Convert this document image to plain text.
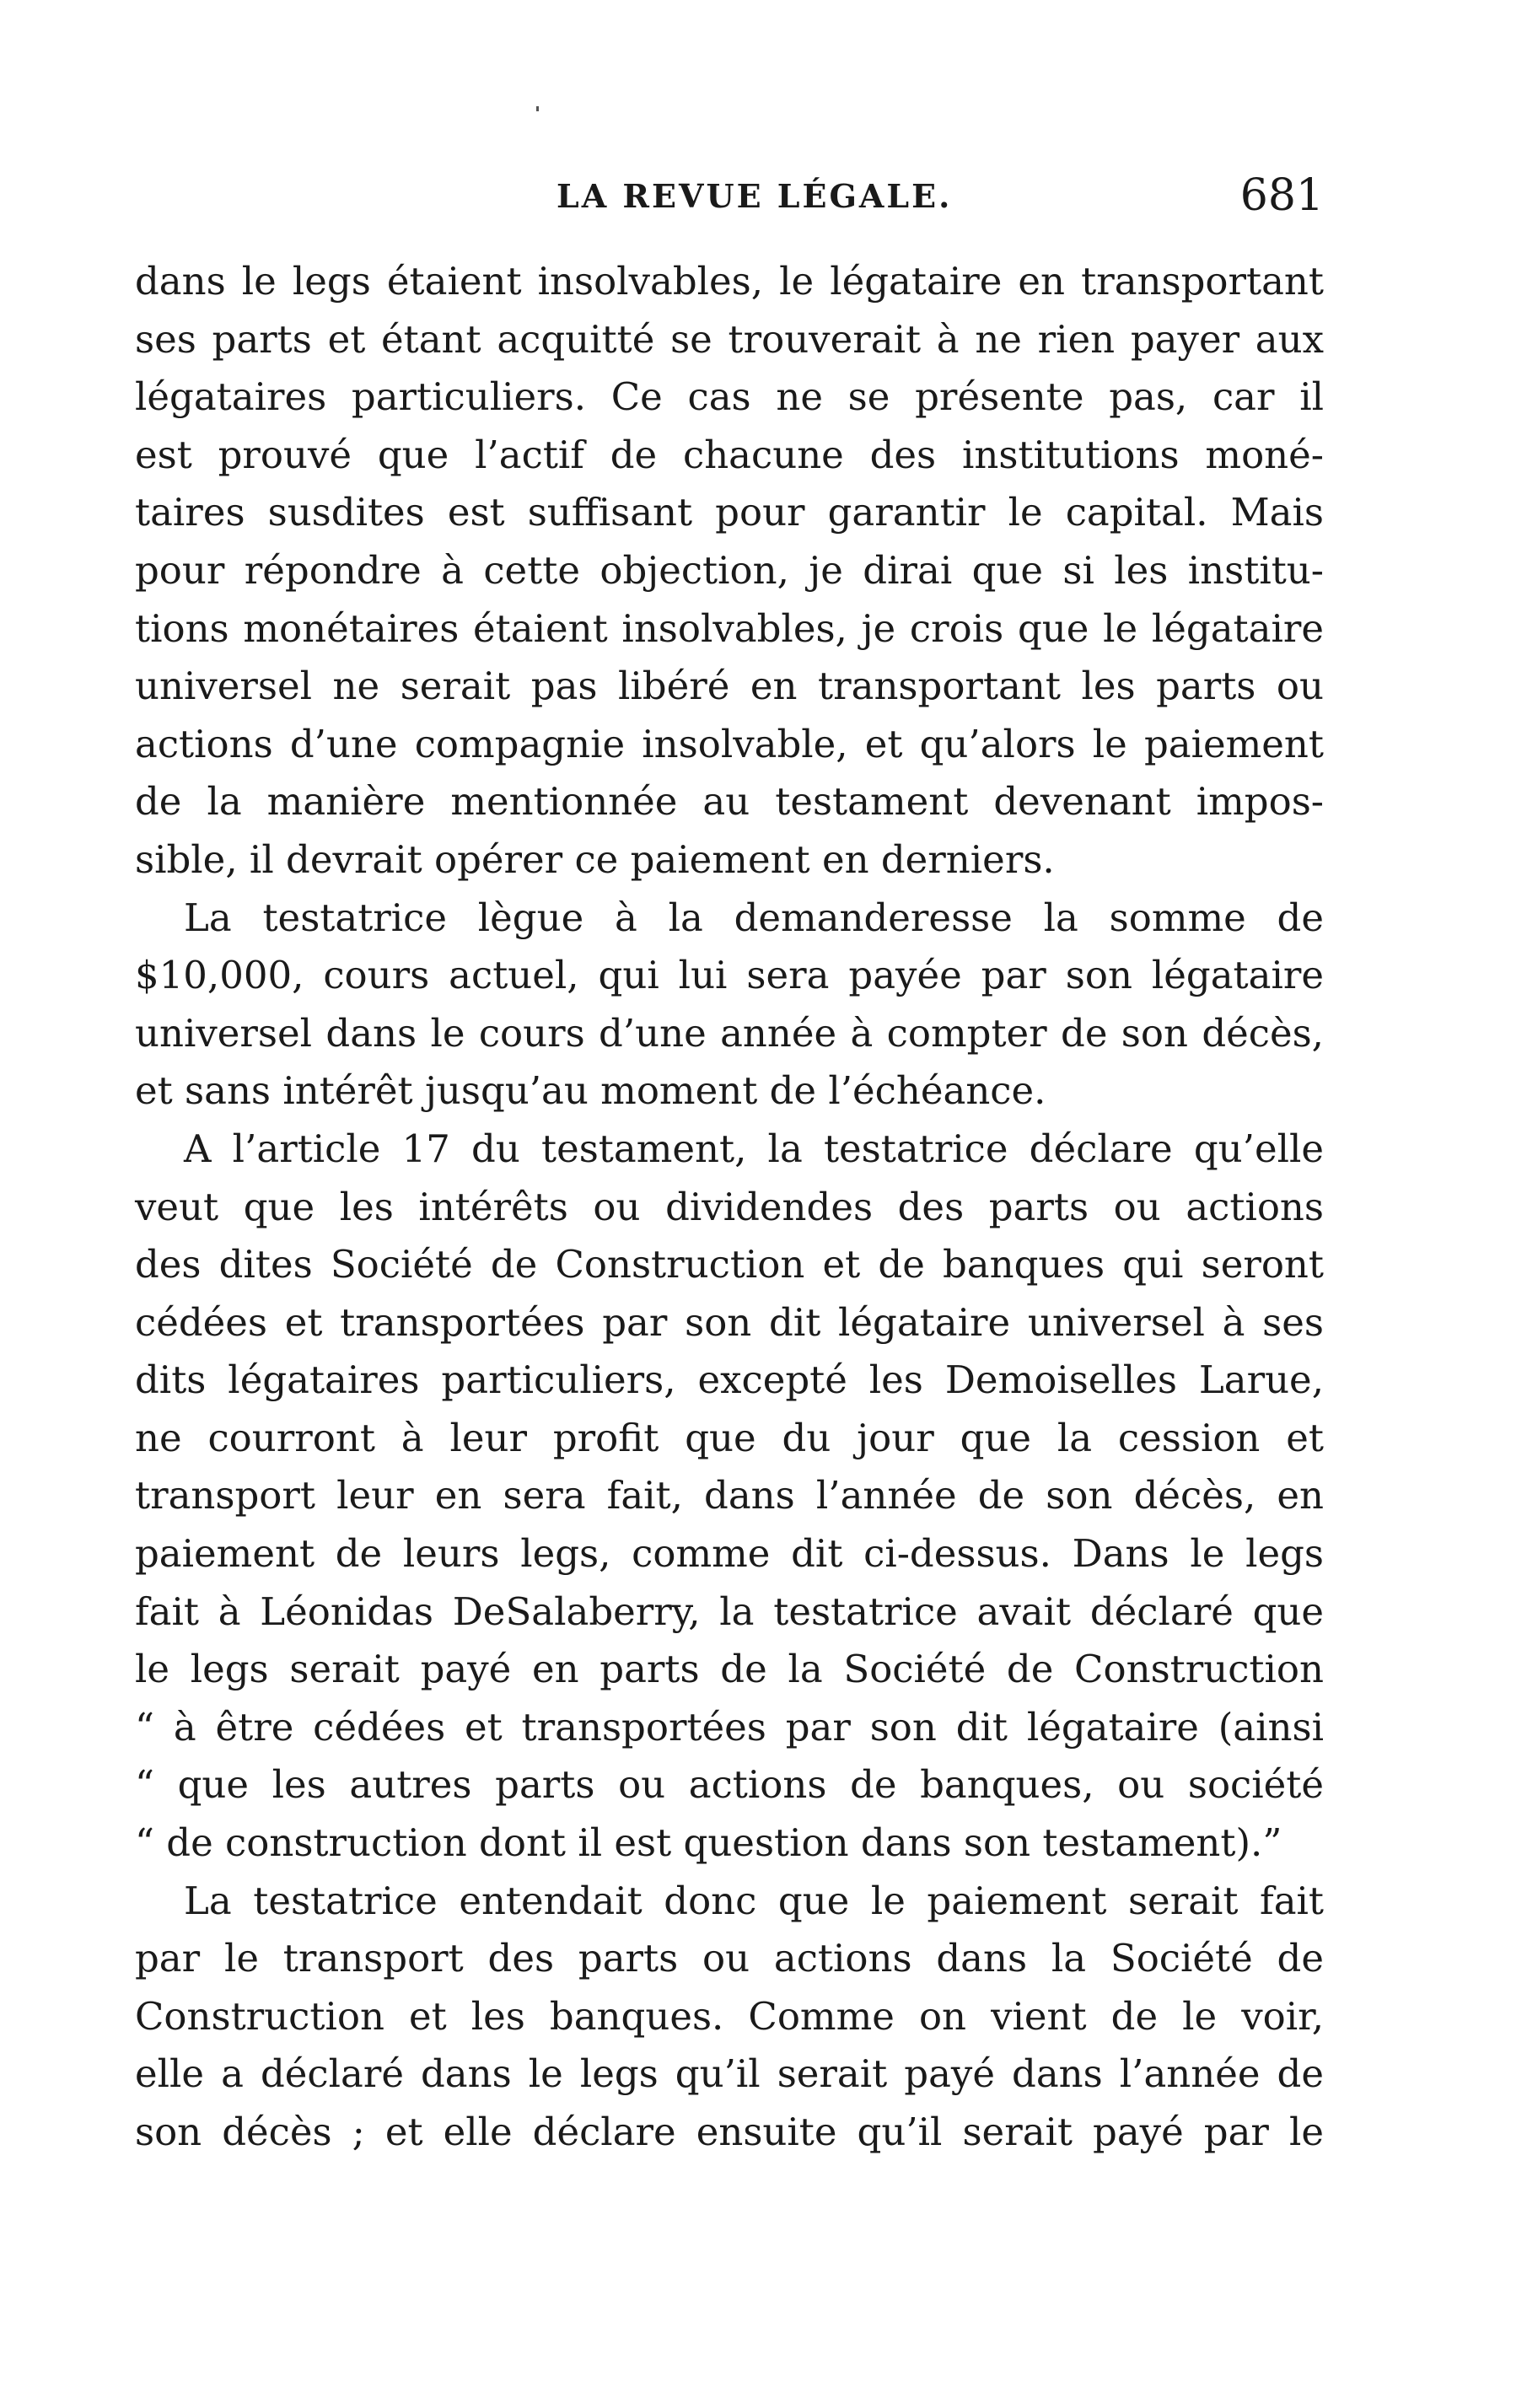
LA REVUE LÉGALE.	681

dans le legs étaient insolvables, le légataire en transportant
ses parts et étant acquitté se trouverait à ne rien payer aux
légataires particuliers. Ce cas ne se présente pas, car il
est prouvé que l’actif de chacune des institutions moné-
taires susdites est suffisant pour garantir le capital. Mais
pour répondre à cette objection, je dirai que si les institu-
tions monétaires étaient insolvables, je crois que le légataire
universel ne serait pas libéré en transportant les parts ou
actions d’une compagnie insolvable, et qu’alors le paiement
de la manière mentionnée au testament devenant impos-
sible, il devrait opérer ce paiement en derniers.

La testatrice lègue à la demanderesse la somme de
$10,000, cours actuel, qui lui sera payée par son légataire
universel dans le cours d’une année à compter de son décès,
et sans intérêt jusqu’au moment de l’échéance.

A l’article 17 du testament, la testatrice déclare qu’elle
veut que les intérêts ou dividendes des parts ou actions
des dites Société de Construction et de banques qui seront
cédées et transportées par son dit légataire universel à ses
dits légataires particuliers, excepté les Demoiselles Larue,
ne courront à leur profit que du jour que la cession et
transport leur en sera fait, dans l’année de son décès, en
paiement de leurs legs, comme dit ci-dessus. Dans le legs
fait à Léonidas DeSalaberry, la testatrice avait déclaré que
le legs serait payé en parts de la Société de Construction
“ à être cédées et transportées par son dit légataire (ainsi
“ que les autres parts ou actions de banques, ou société
“ de construction dont il est question dans son testament).”

La testatrice entendait donc que le paiement serait fait
par le transport des parts ou actions dans la Société de
Construction et les banques. Comme on vient de le voir,
elle a déclaré dans le legs qu’il serait payé dans l’année de
son décès ; et elle déclare ensuite qu’il serait payé par le
